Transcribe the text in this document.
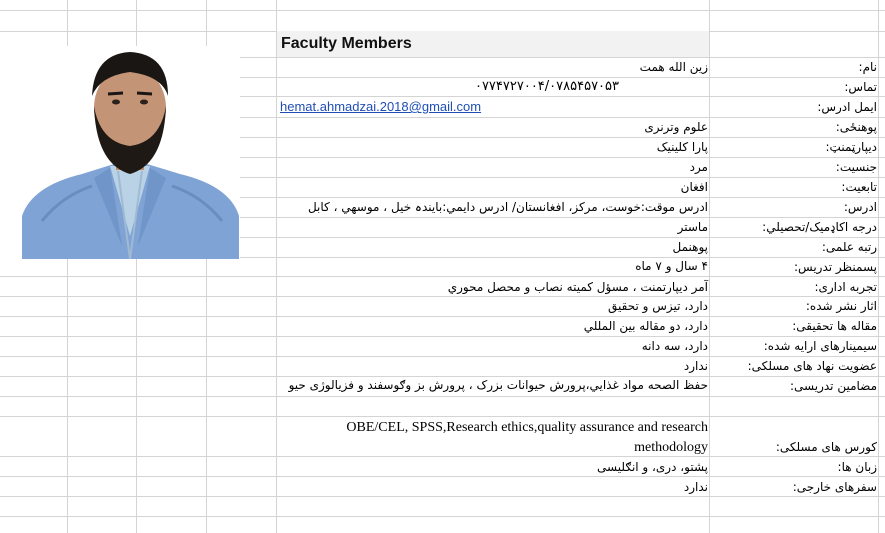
Faculty Members
نام:
تماس:
ایمل ادرس:
پوهنځی:
دیپارټمنټ:
جنسیت:
تابعیت:
ادرس:
درجه اکاډمیک/تحصیلي:
رتبه علمی:
پسمنظر تدریس:
تجربه اداری:
اثار نشر شده:
مقاله ها تحقیقی:
سیمینارهای ارایه شده:
عضویت نهاد های مسلکی:
مضامین تدریسی:
کورس های مسلکی:
زبان ها:
سفرهای خارجی:
زین الله همت
۰۷۷۴۷۲۷۰۰۴/۰۷۸۵۴۵۷۰۵۳
hemat.ahmadzai.2018@gmail.com
علوم وترنری
پارا کلینیک
مرد
افغان
ادرس موقت:خوست، مرکز، افغانستان/ ادرس دایمي:بایندہ خیل ، موسهي ، کابل
ماستر
پوهنمل
۴ سال و ۷ ماه
آمر دیپارتمنت ، مسؤل کمیته نصاب و محصل محوري
دارد، تیزس و تحقیق
دارد، دو مقاله بین المللي
دارد، سه دانه
ندارد
حفظ الصحه مواد غذایي،پرورش حیوانات بزرک ، پرورش بز وګوسفند و فزیالوژی حیو
OBE/CEL, SPSS,Research ethics,quality assurance and research methodology
پشتو، دری، و انګلیسی
ندارد
